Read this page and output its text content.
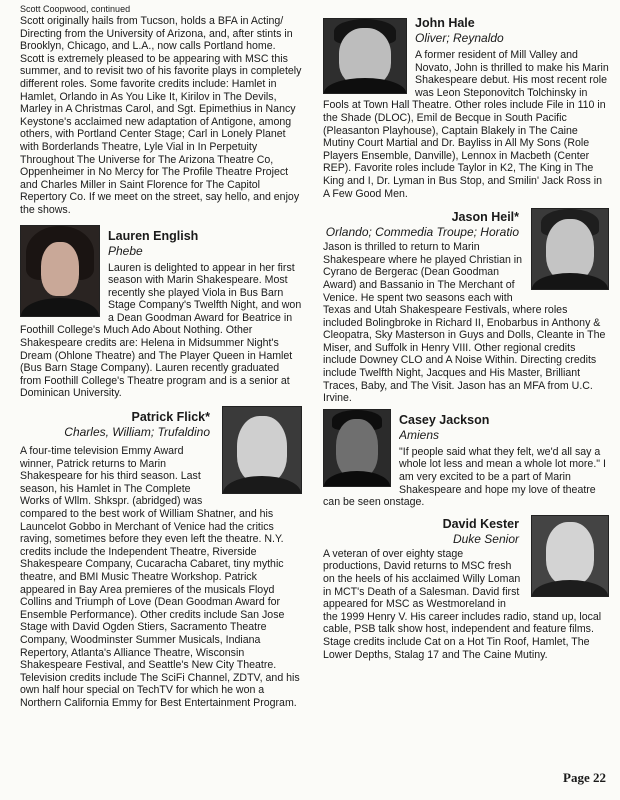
Scott Coopwood, continued

Scott originally hails from Tucson, holds a BFA in Acting/ Directing from the University of Arizona, and, after stints in Brooklyn, Chicago, and L.A., now calls Portland home. Scott is extremely pleased to be appearing with MSC this summer, and to revisit two of his favorite plays in completely different roles. Some favorite credits include: Hamlet in Hamlet, Orlando in As You Like It, Kirilov in The Devils, Marley in A Christmas Carol, and Sgt. Epimethius in Nancy Keystone's acclaimed new adaptation of Antigone, among others, with Portland Center Stage; Carl in Lonely Planet with Borderlands Theatre, Lyle Vial in In Perpetuity Throughout The Universe for The Arizona Theatre Co, Oppenheimer in No Mercy for The Profile Theatre Project and Charles Miller in Saint Florence for The Capitol Repertory Co. If we meet on the street, say hello, and enjoy the shows.

Lauren English
Phebe

Lauren is delighted to appear in her first season with Marin Shakespeare. Most recently she played Viola in Bus Barn Stage Company's Twelfth Night, and won a Dean Goodman Award for Beatrice in Foothill College's Much Ado About Nothing. Other Shakespeare credits are: Helena in Midsummer Night's Dream (Ohlone Theatre) and The Player Queen in Hamlet (Bus Barn Stage Company). Lauren recently graduated from Foothill College's Theatre program and is a senior at Dominican University.

Patrick Flick*
Charles, William; Trufaldino

A four-time television Emmy Award winner, Patrick returns to Marin Shakespeare for his third season. Last season, his Hamlet in The Complete Works of Wllm. Shkspr. (abridged) was compared to the best work of William Shatner, and his Launcelot Gobbo in Merchant of Venice had the critics raving, sometimes before they even left the theatre. N.Y. credits include the Independent Theatre, Riverside Shakespeare Company, Cucaracha Cabaret, tiny mythic theatre, and BMI Music Theatre Workshop. Patrick appeared in Bay Area premieres of the musicals Floyd Collins and Triumph of Love (Dean Goodman Award for Ensemble Performance). Other credits include San Jose Stage with David Ogden Stiers, Sacramento Theatre Company, Woodminster Summer Musicals, Indiana Repertory, Atlanta's Alliance Theatre, Wisconsin Shakespeare Festival, and Seattle's New City Theatre. Television credits include The SciFi Channel, ZDTV, and his own half hour special on TechTV for which he won a Northern California Emmy for Best Entertainment Program.

John Hale
Oliver; Reynaldo

A former resident of Mill Valley and Novato, John is thrilled to make his Marin Shakespeare debut. His most recent role was Leon Steponovitch Tolchinsky in Fools at Town Hall Theatre. Other roles include File in 110 in the Shade (DLOC), Emil de Becque in South Pacific (Pleasanton Playhouse), Captain Blakely in The Caine Mutiny Court Martial and Dr. Bayliss in All My Sons (Role Players Ensemble, Danville), Lennox in Macbeth (Center REP). Favorite roles include Taylor in K2, The King in The King and I, Dr. Lyman in Bus Stop, and Smilin' Jack Ross in A Few Good Men.

Jason Heil*
Orlando; Commedia Troupe; Horatio

Jason is thrilled to return to Marin Shakespeare where he played Christian in Cyrano de Bergerac (Dean Goodman Award) and Bassanio in The Merchant of Venice. He spent two seasons each with Texas and Utah Shakespeare Festivals, where roles included Bolingbroke in Richard II, Enobarbus in Anthony & Cleopatra, Sky Masterson in Guys and Dolls, Cleante in The Miser, and Suffolk in Henry VIII. Other regional credits include Downey CLO and A Noise Within. Directing credits include Twelfth Night, Jacques and His Master, Brilliant Traces, Baby, and The Visit. Jason has an MFA from U.C. Irvine.

Casey Jackson
Amiens

"If people said what they felt, we'd all say a whole lot less and mean a whole lot more." I am very excited to be a part of Marin Shakespeare and hope my love of theatre can be seen onstage.

David Kester
Duke Senior

A veteran of over eighty stage productions, David returns to MSC fresh on the heels of his acclaimed Willy Loman in MCT's Death of a Salesman. David first appeared for MSC as Westmoreland in the 1999 Henry V. His career includes radio, stand up, local cable, PSB talk show host, independent and feature films. Stage credits include Cat on a Hot Tin Roof, Hamlet, The Lower Depths, Stalag 17 and The Caine Mutiny.

Page 22
